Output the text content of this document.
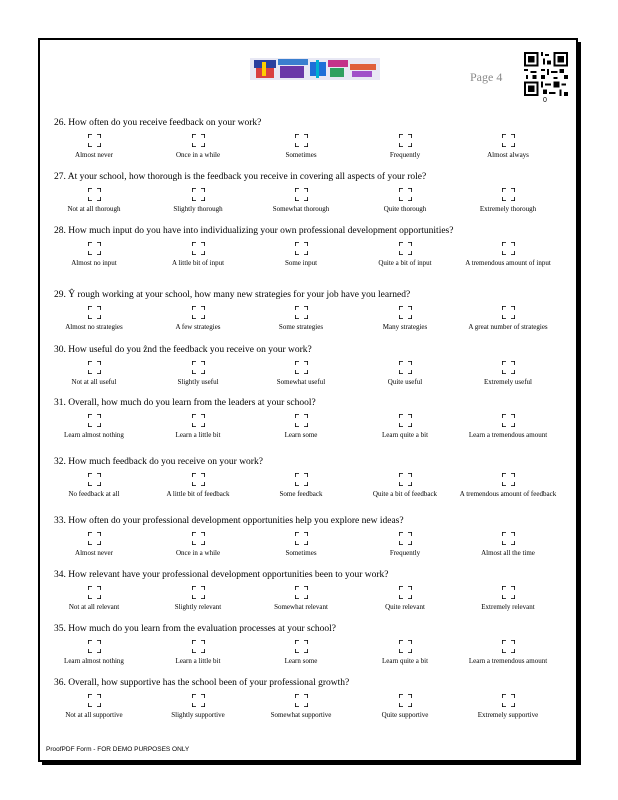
Page 4
0
26. How often do you receive feedback on your work?
Almost never	Once in a while	Sometimes	Frequently	Almost always
27. At your school, how thorough is the feedback you receive in covering all aspects of your role?
Not at all thorough	Slightly thorough	Somewhat thorough	Quite thorough	Extremely thorough
28. How much input do you have into individualizing your own professional development opportunities?
Almost no input	A little bit of input	Some input	Quite a bit of input	A tremendous amount of input
29. Ŷ rough working at your school, how many new strategies for your job have you learned?
Almost no strategies	A few strategies	Some strategies	Many strategies	A great number of strategies
30. How useful do you ẑnd the feedback you receive on your work?
Not at all useful	Slightly useful	Somewhat useful	Quite useful	Extremely useful
31. Overall, how much do you learn from the leaders at your school?
Learn almost nothing	Learn a little bit	Learn some	Learn quite a bit	Learn a tremendous amount
32. How much feedback do you receive on your work?
No feedback at all	A little bit of feedback	Some feedback	Quite a bit of feedback	A tremendous amount of feedback
33. How often do your professional development opportunities help you explore new ideas?
Almost never	Once in a while	Sometimes	Frequently	Almost all the time
34. How relevant have your professional development opportunities been to your work?
Not at all relevant	Slightly relevant	Somewhat relevant	Quite relevant	Extremely relevant
35. How much do you learn from the evaluation processes at your school?
Learn almost nothing	Learn a little bit	Learn some	Learn quite a bit	Learn a tremendous amount
36. Overall, how supportive has the school been of your professional growth?
Not at all supportive	Slightly supportive	Somewhat supportive	Quite supportive	Extremely supportive
ProofPDF Form - FOR DEMO PURPOSES ONLY
